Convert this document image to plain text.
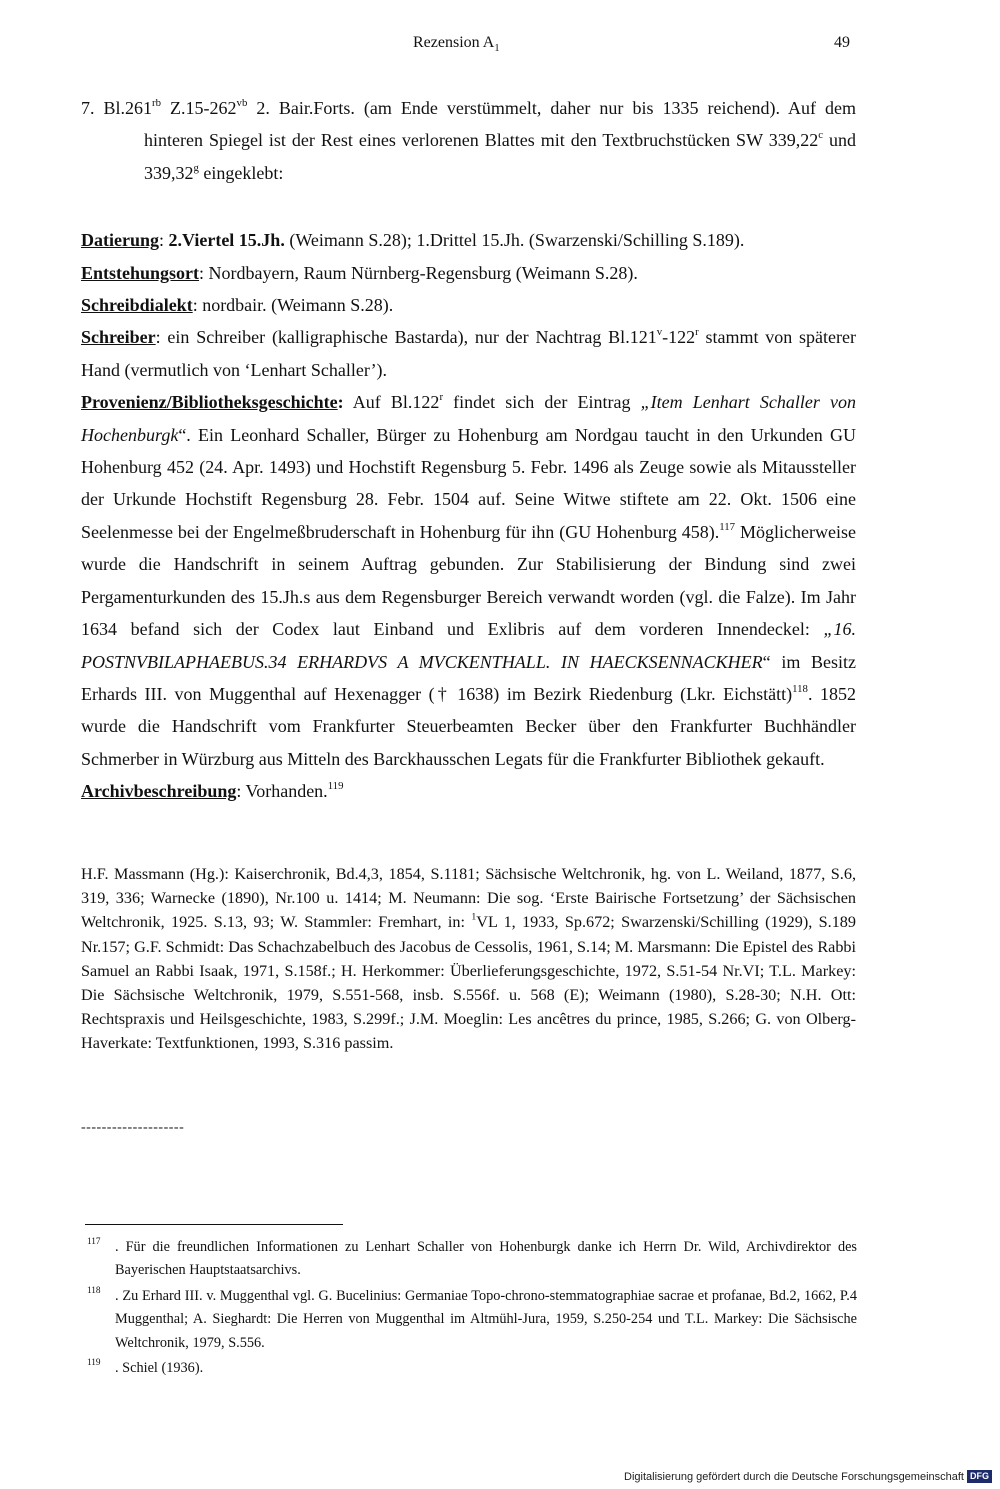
Rezension $A_1$	49

7. $Bl.261^{rb}$ $Z.15-262^{vb}$ 2. Bair.Forts. (am Ende verstümmelt, daher nur bis 1335 reichend). Auf dem hinteren Spiegel ist der Rest eines verlorenen Blattes mit den Textbruchstücken SW 339,22$^c$ und 339,32$^g$ eingeklebt:

Datierung: 2.Viertel 15.Jh. (Weimann S.28); 1.Drittel 15.Jh. (Swarzenski/Schilling S.189).

Entstehungsort: Nordbayern, Raum Nürnberg-Regensburg (Weimann S.28).

Schreibdialekt: nordbair. (Weimann S.28).

Schreiber: ein Schreiber (kalligraphische Bastarda), nur der Nachtrag Bl.121$^v$-122$^r$ stammt von späterer Hand (vermutlich von ‘Lenhart Schaller’).

Provenienz/Bibliotheksgeschichte: Auf Bl.122$^r$ findet sich der Eintrag „Item Lenhart Schaller von Hochenburgk“. Ein Leonhard Schaller, Bürger zu Hohenburg am Nordgau taucht in den Urkunden GU Hohenburg 452 (24. Apr. 1493) und Hochstift Regensburg 5. Febr. 1496 als Zeuge sowie als Mitaussteller der Urkunde Hochstift Regensburg 28. Febr. 1504 auf. Seine Witwe stiftete am 22. Okt. 1506 eine Seelenmesse bei der Engelmeßbruderschaft in Hohenburg für ihn (GU Hohenburg 458).$^{117}$ Möglicherweise wurde die Handschrift in seinem Auftrag gebunden. Zur Stabilisierung der Bindung sind zwei Pergamenturkunden des 15.Jh.s aus dem Regensburger Bereich verwandt worden (vgl. die Falze). Im Jahr 1634 befand sich der Codex laut Einband und Exlibris auf dem vorderen Innendeckel: „16. POSTNVBILAPHAEBUS.34 ERHARDVS A MVCKENTHALL. IN HAECKSENNACKHER“ im Besitz Erhards III. von Muggenthal auf Hexenagger († 1638) im Bezirk Riedenburg (Lkr. Eichstätt)$^{118}$. 1852 wurde die Handschrift vom Frankfurter Steuerbeamten Becker über den Frankfurter Buchhändler Schmerber in Würzburg aus Mitteln des Barckhausschen Legats für die Frankfurter Bibliothek gekauft.

Archivbeschreibung: Vorhanden.$^{119}$

H.F. Massmann (Hg.): Kaiserchronik, Bd.4,3, 1854, S.1181; Sächsische Weltchronik, hg. von L. Weiland, 1877, S.6, 319, 336; Warnecke (1890), Nr.100 u. 1414; M. Neumann: Die sog. ‘Erste Bairische Fortsetzung’ der Sächsischen Weltchronik, 1925. S.13, 93; W. Stammler: Fremhart, in: $^1$VL 1, 1933, Sp.672; Swarzenski/Schilling (1929), S.189 Nr.157; G.F. Schmidt: Das Schachzabelbuch des Jacobus de Cessolis, 1961, S.14; M. Marsmann: Die Epistel des Rabbi Samuel an Rabbi Isaak, 1971, S.158f.; H. Herkommer: Überlieferungsgeschichte, 1972, S.51-54 Nr.VI; T.L. Markey: Die Sächsische Weltchronik, 1979, S.551-568, insb. S.556f. u. 568 (E); Weimann (1980), S.28-30; N.H. Ott: Rechtspraxis und Heilsgeschichte, 1983, S.299f.; J.M. Moeglin: Les ancêtres du prince, 1985, S.266; G. von Olberg-Haverkate: Textfunktionen, 1993, S.316 passim.

--------------------

$^{117}$ . Für die freundlichen Informationen zu Lenhart Schaller von Hohenburgk danke ich Herrn Dr. Wild, Archivdirektor des Bayerischen Hauptstaatsarchivs.

$^{118}$ . Zu Erhard III. v. Muggenthal vgl. G. Bucelinius: Germaniae Topo-chrono-stemmatographiae sacrae et profanae, Bd.2, 1662, P.4 Muggenthal; A. Sieghardt: Die Herren von Muggenthal im Altmühl-Jura, 1959, S.250-254 und T.L. Markey: Die Sächsische Weltchronik, 1979, S.556.

$^{119}$ . Schiel (1936).

Digitalisierung gefördert durch die Deutsche Forschungsgemeinschaft DFG
